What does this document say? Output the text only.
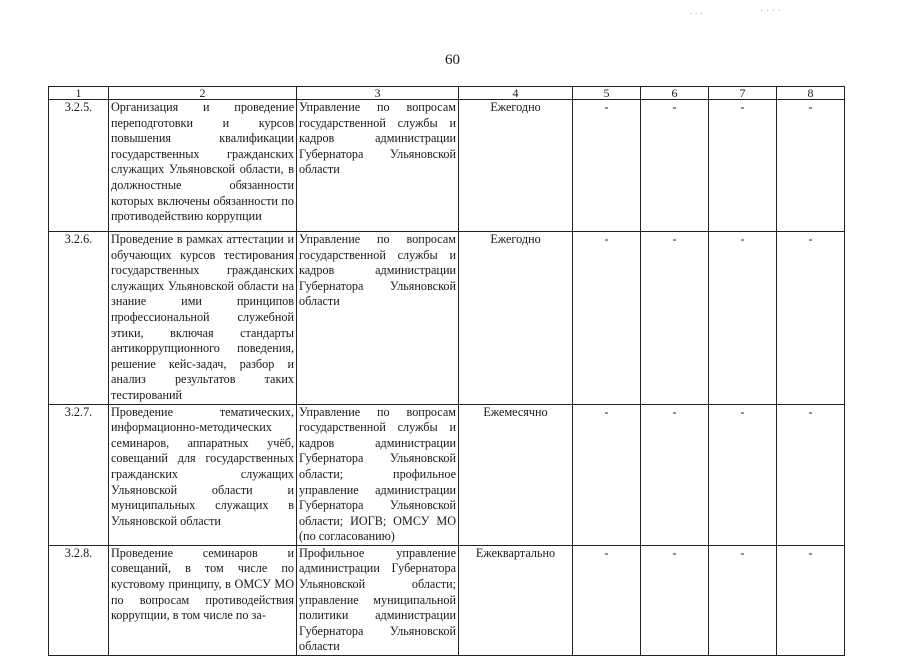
. . .	· · · ·
60
1	2	3	4	5	6	7	8
3.2.5.	Организация и проведение переподготовки и курсов повышения квалификации государственных гражданских служащих Ульяновской области, в должностные обязанности которых включены обязанности по противодействию коррупции	Управление по вопросам государственной службы и кадров администрации Губернатора Ульяновской области	Ежегодно	-	-	-	-
3.2.6.	Проведение в рамках аттестации и обучающих курсов тестирования государственных гражданских служащих Ульяновской области на знание ими принципов профессиональной служебной этики, включая стандарты антикоррупционного поведения, решение кейс-задач, разбор и анализ результатов таких тестирований	Управление по вопросам государственной службы и кадров администрации Губернатора Ульяновской области	Ежегодно	-	-	-	-
3.2.7.	Проведение тематических, информационно-методических семинаров, аппаратных учёб, совещаний для государственных гражданских служащих Ульяновской области и муниципальных служащих в Ульяновской области	Управление по вопросам государственной службы и кадров администрации Губернатора Ульяновской области; профильное управление администрации Губернатора Ульяновской области; ИОГВ; ОМСУ МО (по согласованию)	Ежемесячно	-	-	-	-
3.2.8.	Проведение семинаров и совещаний, в том числе по кустовому принципу, в ОМСУ МО по вопросам противодействия коррупции, в том числе по за-	Профильное управление администрации Губернатора Ульяновской области; управление муниципальной политики администрации Губернатора Ульяновской области	Ежеквартально	-	-	-	-
